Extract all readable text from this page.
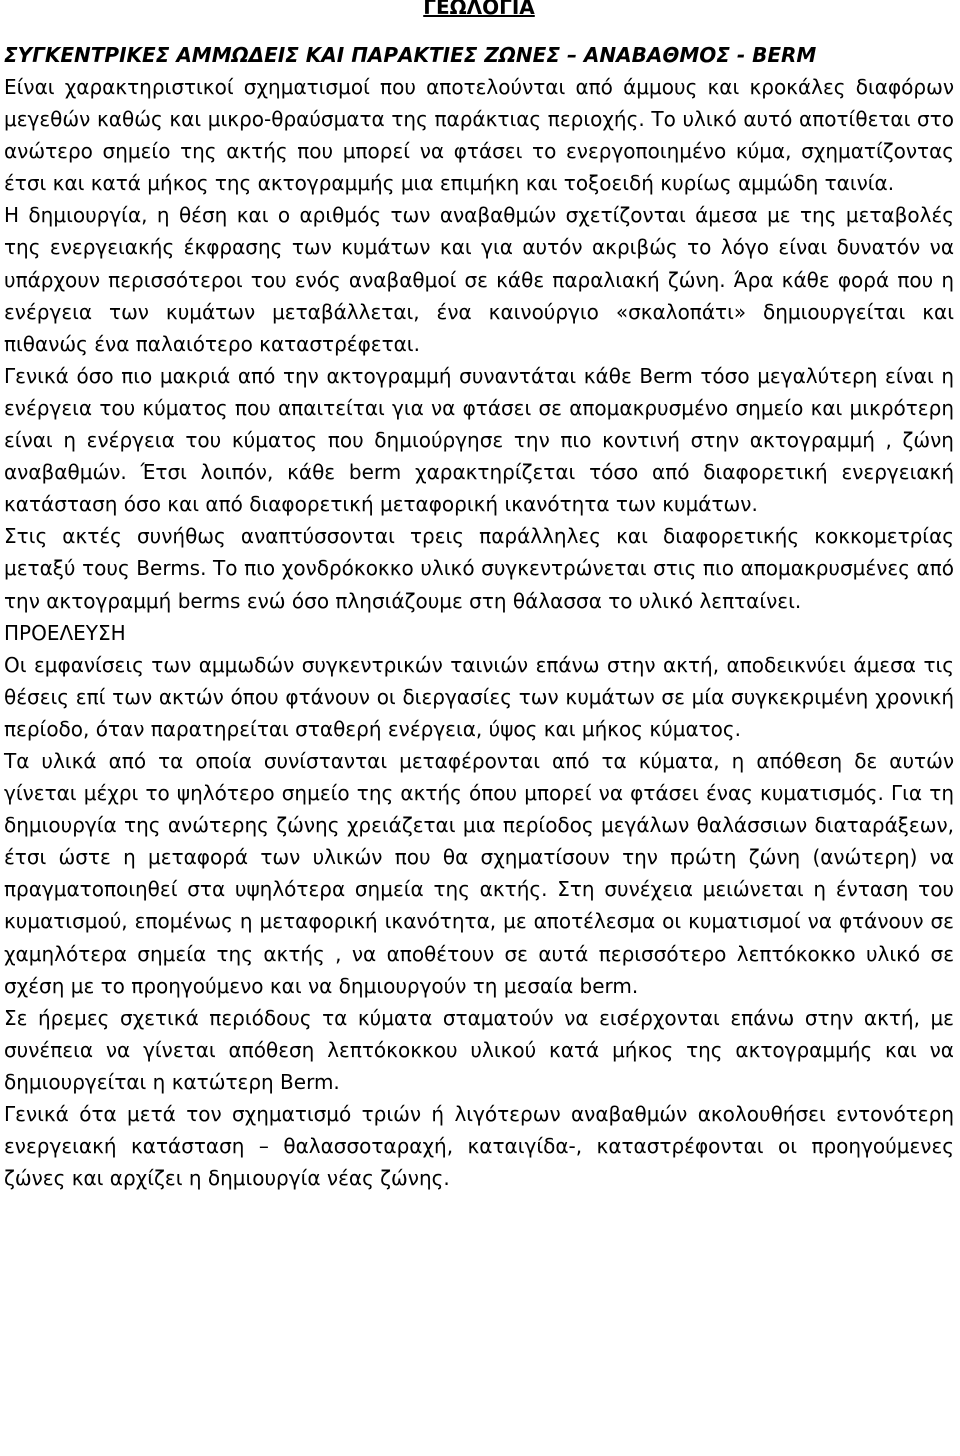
ΓΕΩΛΟΓΙΑ
ΣΥΓΚΕΝΤΡΙΚΕΣ ΑΜΜΩΔΕΙΣ ΚΑΙ ΠΑΡΑΚΤΙΕΣ ΖΩΝΕΣ – ΑΝΑΒΑΘΜΟΣ - BERM

Είναι χαρακτηριστικοί σχηματισμοί που αποτελούνται από άμμους και κροκάλες διαφόρων μεγεθών καθώς και μικρο-θραύσματα της παράκτιας περιοχής. Το υλικό αυτό αποτίθεται στο ανώτερο σημείο της ακτής που μπορεί να φτάσει το ενεργοποιημένο κύμα, σχηματίζοντας έτσι και κατά μήκος της ακτογραμμής μια επιμήκη και τοξοειδή κυρίως αμμώδη ταινία.

Η δημιουργία, η θέση και ο αριθμός των αναβαθμών σχετίζονται άμεσα με της μεταβολές της ενεργειακής έκφρασης των κυμάτων και για αυτόν ακριβώς το λόγο είναι δυνατόν να υπάρχουν περισσότεροι του ενός αναβαθμοί σε κάθε παραλιακή ζώνη. Άρα κάθε φορά που η ενέργεια των κυμάτων μεταβάλλεται, ένα καινούργιο «σκαλοπάτι» δημιουργείται και πιθανώς ένα παλαιότερο καταστρέφεται.

Γενικά όσο πιο μακριά από την ακτογραμμή συναντάται κάθε Berm τόσο μεγαλύτερη είναι η ενέργεια του κύματος που απαιτείται για να φτάσει σε απομακρυσμένο σημείο και μικρότερη είναι η ενέργεια του κύματος που δημιούργησε την πιο κοντινή στην ακτογραμμή , ζώνη αναβαθμών. Έτσι λοιπόν, κάθε berm χαρακτηρίζεται τόσο από διαφορετική ενεργειακή κατάσταση όσο και από διαφορετική μεταφορική ικανότητα των κυμάτων.

Στις ακτές συνήθως αναπτύσσονται τρεις παράλληλες και διαφορετικής κοκκομετρίας μεταξύ τους Berms. Το πιο χονδρόκοκκο υλικό συγκεντρώνεται στις πιο απομακρυσμένες από την ακτογραμμή berms ενώ όσο πλησιάζουμε στη θάλασσα το υλικό λεπταίνει.

ΠΡΟΕΛΕΥΣΗ

Οι εμφανίσεις των αμμωδών συγκεντρικών ταινιών επάνω στην ακτή, αποδεικνύει άμεσα τις θέσεις επί των ακτών όπου φτάνουν οι διεργασίες των κυμάτων σε μία συγκεκριμένη χρονική περίοδο, όταν παρατηρείται σταθερή ενέργεια, ύψος και μήκος κύματος.

Τα υλικά από τα οποία συνίστανται μεταφέρονται από τα κύματα, η απόθεση δε αυτών γίνεται μέχρι το ψηλότερο σημείο της ακτής όπου μπορεί να φτάσει ένας κυματισμός. Για τη δημιουργία της ανώτερης ζώνης χρειάζεται μια περίοδος μεγάλων θαλάσσιων διαταράξεων, έτσι ώστε η μεταφορά των υλικών που θα σχηματίσουν την πρώτη ζώνη (ανώτερη) να πραγματοποιηθεί στα υψηλότερα σημεία της ακτής. Στη συνέχεια μειώνεται η ένταση του κυματισμού, επομένως η μεταφορική ικανότητα, με αποτέλεσμα οι κυματισμοί να φτάνουν σε χαμηλότερα σημεία της ακτής , να αποθέτουν σε αυτά περισσότερο λεπτόκοκκο υλικό σε σχέση με το προηγούμενο και να δημιουργούν τη μεσαία berm.

Σε ήρεμες σχετικά περιόδους τα κύματα σταματούν να εισέρχονται επάνω στην ακτή, με συνέπεια να γίνεται απόθεση λεπτόκοκκου υλικού κατά μήκος της ακτογραμμής και να δημιουργείται η κατώτερη Berm.

Γενικά ότα μετά τον σχηματισμό τριών ή λιγότερων αναβαθμών ακολουθήσει εντονότερη ενεργειακή κατάσταση – θαλασσοταραχή, καταιγίδα-, καταστρέφονται οι προηγούμενες ζώνες και αρχίζει η δημιουργία νέας ζώνης.
